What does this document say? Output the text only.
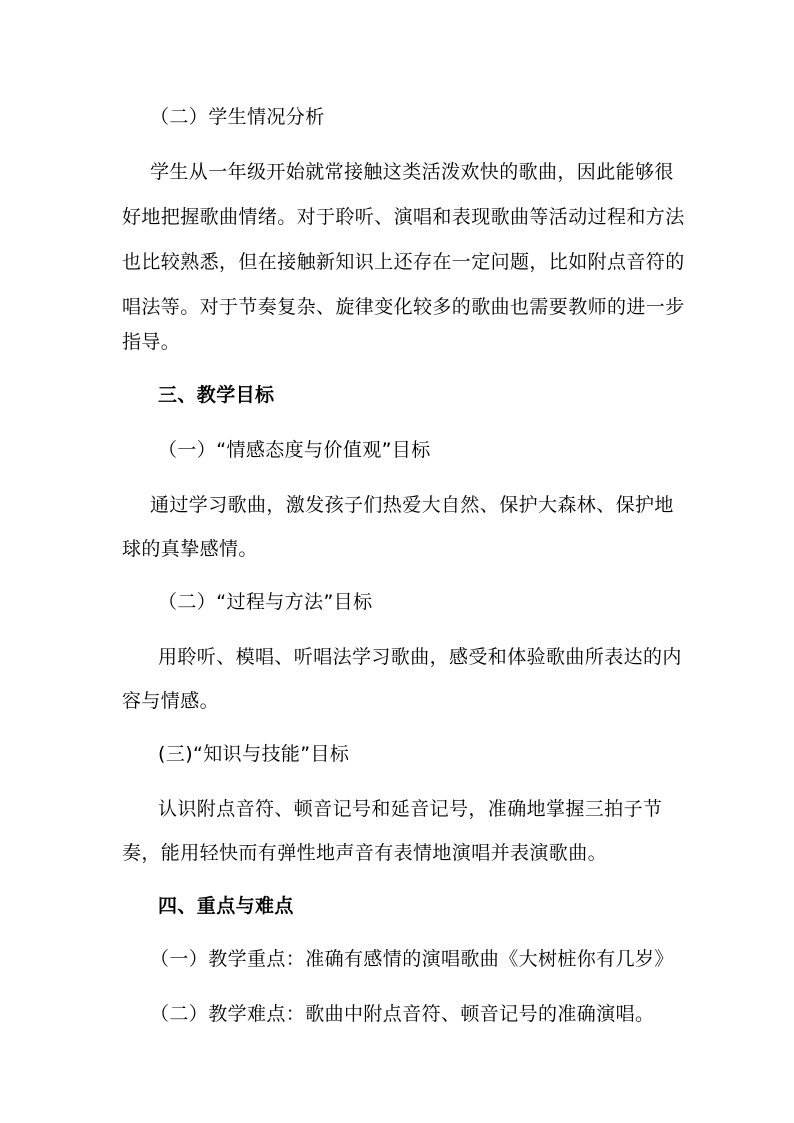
（二）学生情况分析
学生从一年级开始就常接触这类活泼欢快的歌曲，因此能够很
好地把握歌曲情绪。对于聆听、演唱和表现歌曲等活动过程和方法
也比较熟悉，但在接触新知识上还存在一定问题，比如附点音符的
唱法等。对于节奏复杂、旋律变化较多的歌曲也需要教师的进一步
指导。
三、教学目标
（一）“情感态度与价值观”目标
通过学习歌曲，激发孩子们热爱大自然、保护大森林、保护地
球的真挚感情。
（二）“过程与方法”目标
用聆听、模唱、听唱法学习歌曲，感受和体验歌曲所表达的内
容与情感。
(三)“知识与技能”目标
认识附点音符、顿音记号和延音记号，准确地掌握三拍子节
奏，能用轻快而有弹性地声音有表情地演唱并表演歌曲。
四、重点与难点
（一）教学重点：准确有感情的演唱歌曲《大树桩你有几岁》
（二）教学难点：歌曲中附点音符、顿音记号的准确演唱。
